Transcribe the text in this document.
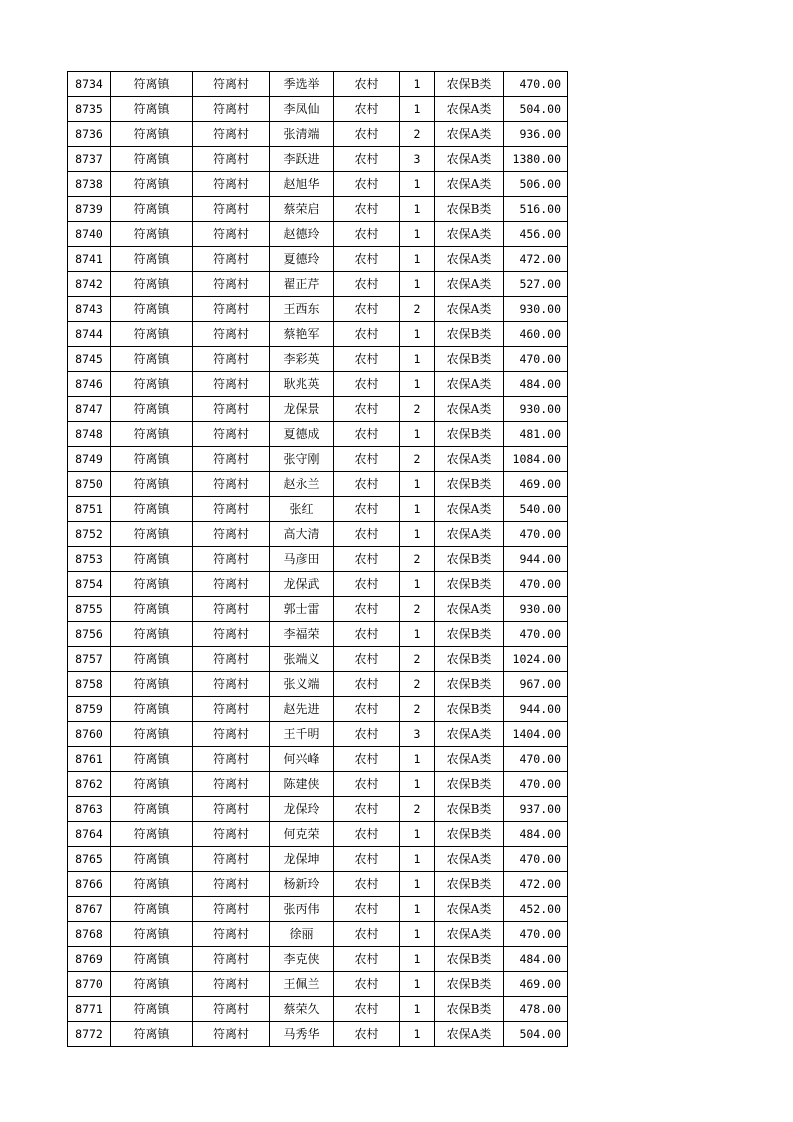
8734	符离镇	符离村	季选举	农村	1	农保B类	470.00
8735	符离镇	符离村	李凤仙	农村	1	农保A类	504.00
8736	符离镇	符离村	张清端	农村	2	农保A类	936.00
8737	符离镇	符离村	李跃进	农村	3	农保A类	1380.00
8738	符离镇	符离村	赵旭华	农村	1	农保A类	506.00
8739	符离镇	符离村	蔡荣启	农村	1	农保B类	516.00
8740	符离镇	符离村	赵德玲	农村	1	农保A类	456.00
8741	符离镇	符离村	夏德玲	农村	1	农保A类	472.00
8742	符离镇	符离村	翟正芹	农村	1	农保A类	527.00
8743	符离镇	符离村	王西东	农村	2	农保A类	930.00
8744	符离镇	符离村	蔡艳军	农村	1	农保B类	460.00
8745	符离镇	符离村	李彩英	农村	1	农保B类	470.00
8746	符离镇	符离村	耿兆英	农村	1	农保A类	484.00
8747	符离镇	符离村	龙保景	农村	2	农保A类	930.00
8748	符离镇	符离村	夏德成	农村	1	农保B类	481.00
8749	符离镇	符离村	张守刚	农村	2	农保A类	1084.00
8750	符离镇	符离村	赵永兰	农村	1	农保B类	469.00
8751	符离镇	符离村	张红	农村	1	农保A类	540.00
8752	符离镇	符离村	高大清	农村	1	农保A类	470.00
8753	符离镇	符离村	马彦田	农村	2	农保B类	944.00
8754	符离镇	符离村	龙保武	农村	1	农保B类	470.00
8755	符离镇	符离村	郭士雷	农村	2	农保A类	930.00
8756	符离镇	符离村	李福荣	农村	1	农保B类	470.00
8757	符离镇	符离村	张端义	农村	2	农保B类	1024.00
8758	符离镇	符离村	张义端	农村	2	农保B类	967.00
8759	符离镇	符离村	赵先进	农村	2	农保B类	944.00
8760	符离镇	符离村	王千明	农村	3	农保A类	1404.00
8761	符离镇	符离村	何兴峰	农村	1	农保A类	470.00
8762	符离镇	符离村	陈建侠	农村	1	农保B类	470.00
8763	符离镇	符离村	龙保玲	农村	2	农保B类	937.00
8764	符离镇	符离村	何克荣	农村	1	农保B类	484.00
8765	符离镇	符离村	龙保坤	农村	1	农保A类	470.00
8766	符离镇	符离村	杨新玲	农村	1	农保B类	472.00
8767	符离镇	符离村	张丙伟	农村	1	农保A类	452.00
8768	符离镇	符离村	徐丽	农村	1	农保A类	470.00
8769	符离镇	符离村	李克侠	农村	1	农保B类	484.00
8770	符离镇	符离村	王佩兰	农村	1	农保B类	469.00
8771	符离镇	符离村	蔡荣久	农村	1	农保B类	478.00
8772	符离镇	符离村	马秀华	农村	1	农保A类	504.00
